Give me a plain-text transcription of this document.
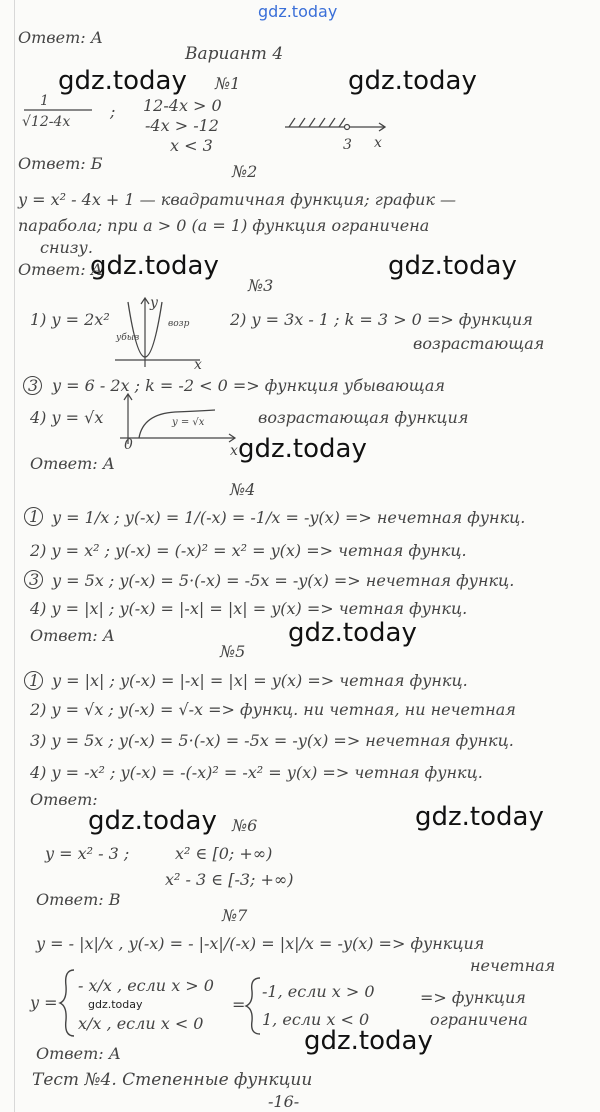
gdz.today
gdz.today	gdz.today
gdz.today	gdz.today
gdz.today
gdz.today
gdz.today	gdz.today
gdz.today
gdz.today
Ответ: А
Вариант 4
№1
1
√12-4x
; 12-4x > 0
-4x > -12
x < 3	3 x
Ответ: Б	№2
y = x² - 4x + 1 — квадратичная функция; график —
парабола; при a > 0 (a = 1) функция ограничена
снизу.
Ответ: А
№3
1) y = 2x²
убыв
возр
y
x
2) y = 3x - 1 ; k = 3 > 0 => функция
возрастающая
3 y = 6 - 2x ; k = -2 < 0 => функция убывающая
4) y = √x	y = √x
0	x
возрастающая функция
Ответ: А
№4
1 y = 1/x ; y(-x) = 1/(-x) = -1/x = -y(x) => нечетная функц.
2) y = x² ; y(-x) = (-x)² = x² = y(x) => четная функц.
3 y = 5x ; y(-x) = 5·(-x) = -5x = -y(x) => нечетная функц.
4) y = |x| ; y(-x) = |-x| = |x| = y(x) => четная функц.
Ответ: А
№5
1 y = |x| ; y(-x) = |-x| = |x| = y(x) => четная функц.
2) y = √x ; y(-x) = √-x => функц. ни четная, ни нечетная
3) y = 5x ; y(-x) = 5·(-x) = -5x = -y(x) => нечетная функц.
4) y = -x² ; y(-x) = -(-x)² = -x² = y(x) => четная функц.
Ответ:
№6
y = x² - 3 ;	x² ∈ [0; +∞)
x² - 3 ∈ [-3; +∞)
Ответ: В
№7
y = - |x|/x , y(-x) = - |-x|/(-x) = |x|/x = -y(x) => функция
нечетная
y =
- x/x , если x > 0
x/x , если x < 0
=
-1, если x > 0
1, если x < 0
=> функция
ограничена
Ответ: А
Тест №4. Степенные функции
-16-
